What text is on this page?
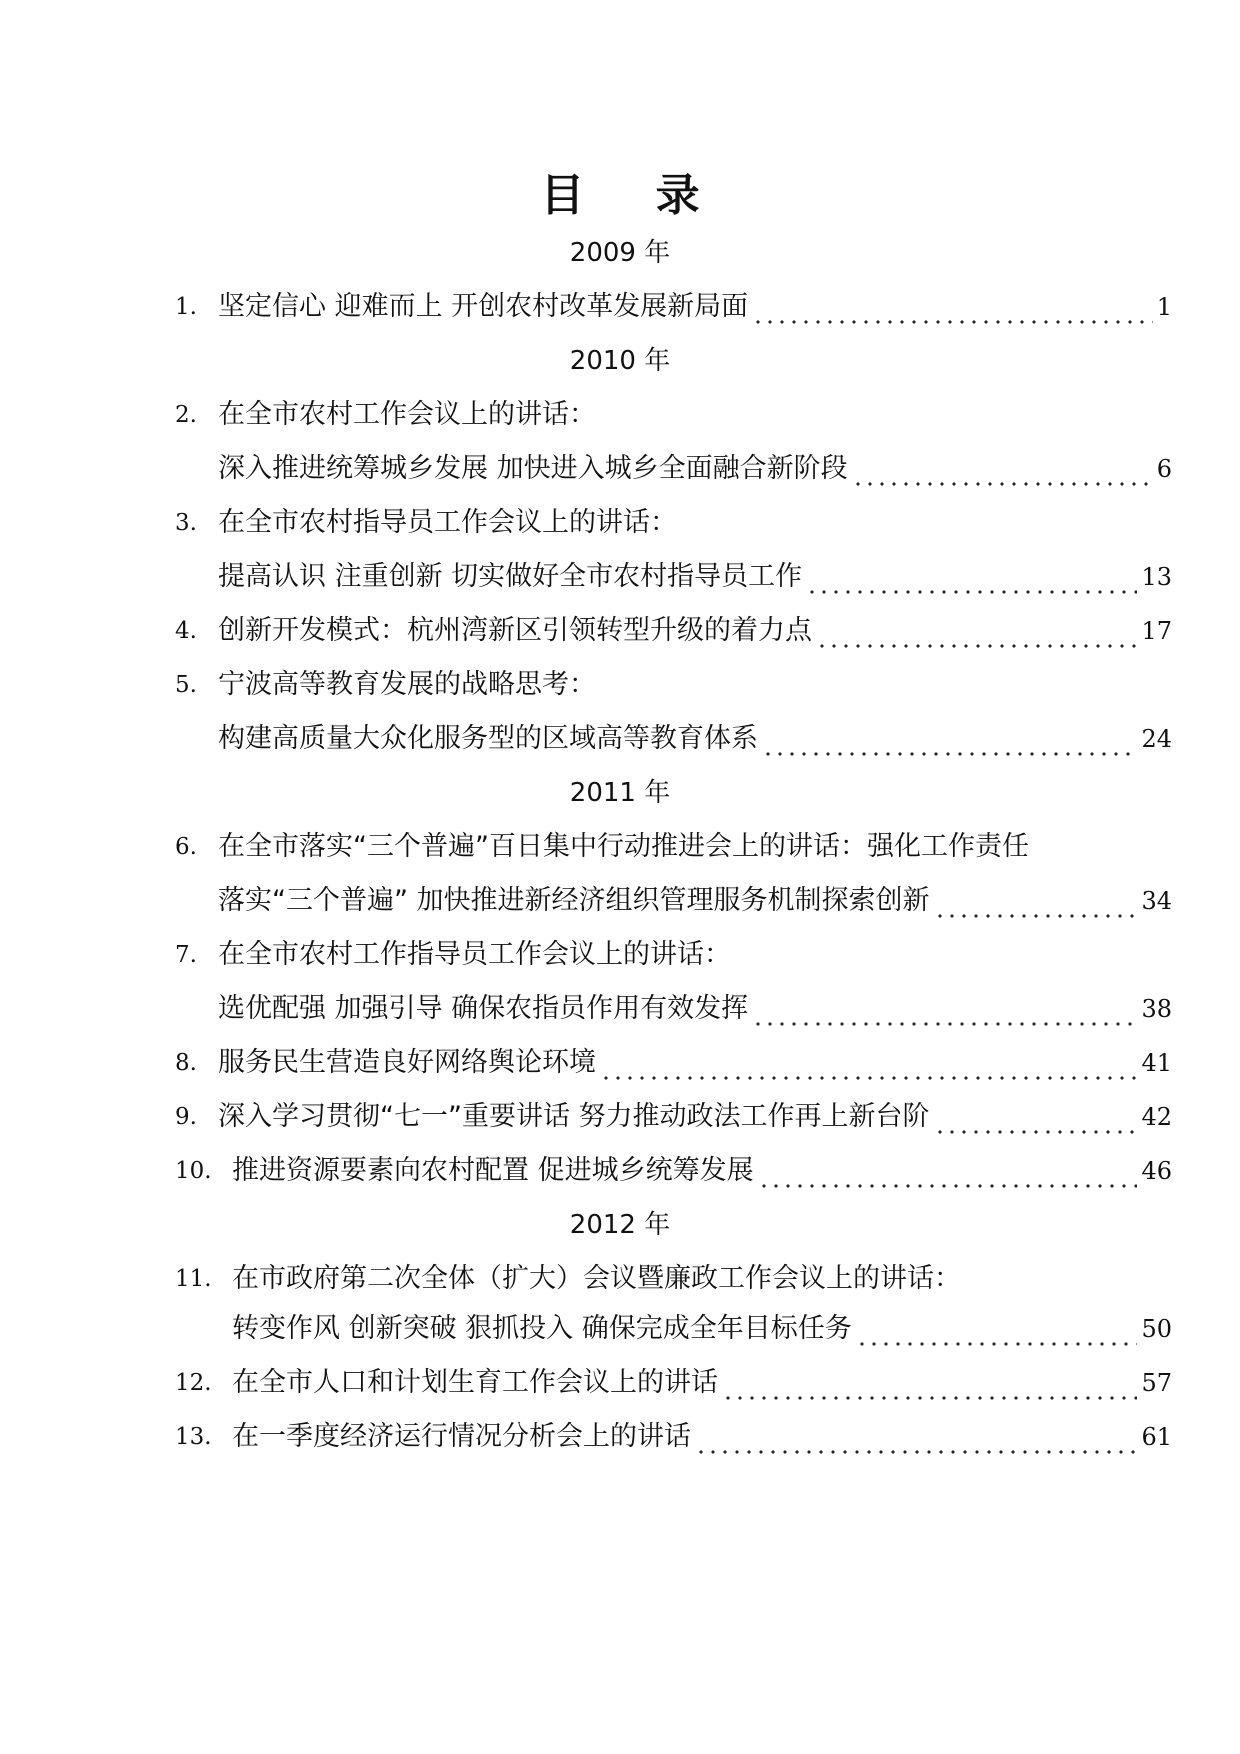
目 录
2009 年
1. 坚定信心 迎难而上 开创农村改革发展新局面	1
2010 年
2. 在全市农村工作会议上的讲话：
深入推进统筹城乡发展 加快进入城乡全面融合新阶段	6
3. 在全市农村指导员工作会议上的讲话：
提高认识 注重创新 切实做好全市农村指导员工作	13
4. 创新开发模式：杭州湾新区引领转型升级的着力点	17
5. 宁波高等教育发展的战略思考：
构建高质量大众化服务型的区域高等教育体系	24
2011 年
6. 在全市落实“三个普遍”百日集中行动推进会上的讲话：强化工作责任
落实“三个普遍” 加快推进新经济组织管理服务机制探索创新	34
7. 在全市农村工作指导员工作会议上的讲话：
选优配强 加强引导 确保农指员作用有效发挥	38
8. 服务民生营造良好网络舆论环境	41
9. 深入学习贯彻“七一”重要讲话 努力推动政法工作再上新台阶	42
10. 推进资源要素向农村配置 促进城乡统筹发展	46
2012 年
11. 在市政府第二次全体（扩大）会议暨廉政工作会议上的讲话：
转变作风 创新突破 狠抓投入 确保完成全年目标任务	50
12. 在全市人口和计划生育工作会议上的讲话	57
13. 在一季度经济运行情况分析会上的讲话	61
